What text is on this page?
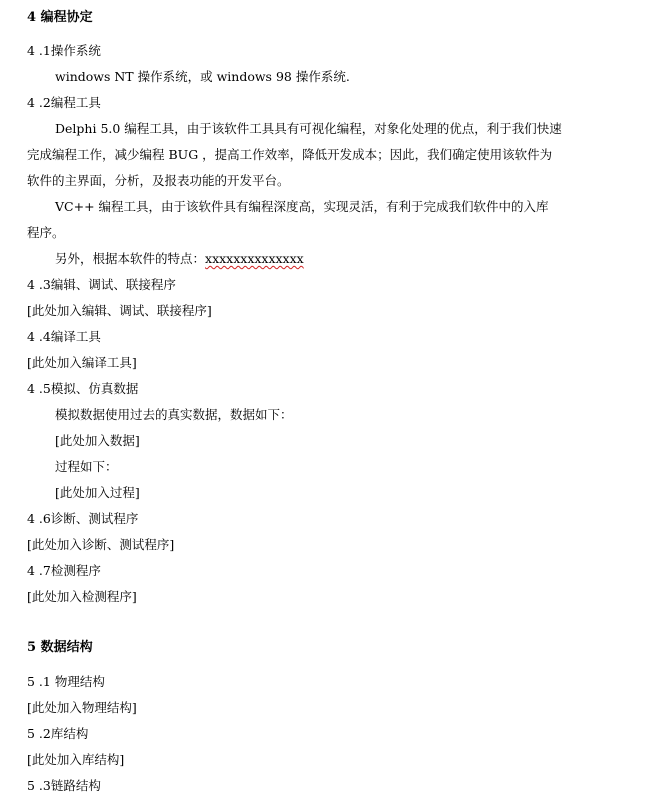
4 编程协定
4 .1操作系统
windows NT 操作系统，或 windows 98 操作系统.
4 .2编程工具
Delphi 5.0 编程工具，由于该软件工具具有可视化编程，对象化处理的优点，利于我们快速
完成编程工作，减少编程 BUG ，提高工作效率，降低开发成本；因此，我们确定使用该软件为
软件的主界面，分析，及报表功能的开发平台。
VC++ 编程工具，由于该软件具有编程深度高，实现灵活，有利于完成我们软件中的入库
程序。
另外，根据本软件的特点：xxxxxxxxxxxxxx
4 .3编辑、调试、联接程序
[此处加入编辑、调试、联接程序]
4 .4编译工具
[此处加入编译工具]
4 .5模拟、仿真数据
模拟数据使用过去的真实数据，数据如下：
[此处加入数据]
过程如下：
[此处加入过程]
4 .6诊断、测试程序
[此处加入诊断、测试程序]
4 .7检测程序
[此处加入检测程序]
5 数据结构
5 .1 物理结构
[此处加入物理结构]
5 .2库结构
[此处加入库结构]
5 .3链路结构
